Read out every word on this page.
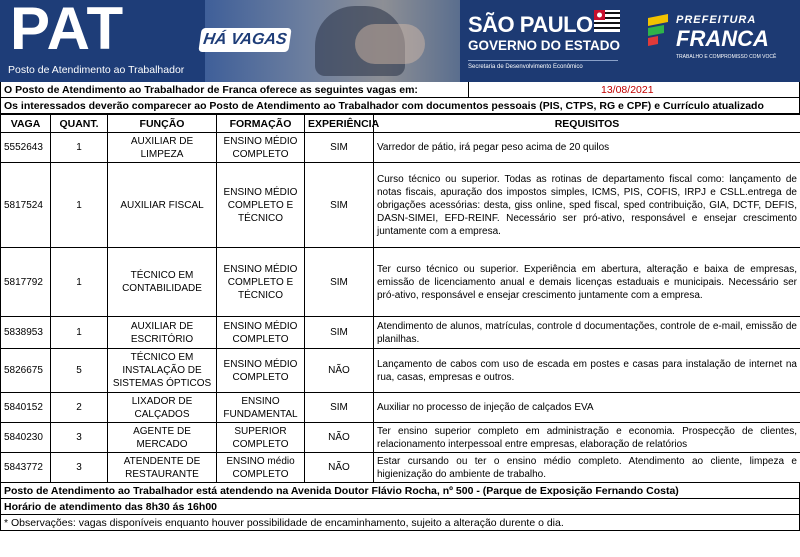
PAT
Posto de Atendimento ao Trabalhador
HÁ VAGAS
SÃO PAULO
GOVERNO DO ESTADO
Secretaria de Desenvolvimento Econômico
PREFEITURA
FRANCA
TRABALHO E COMPROMISSO COM VOCÊ
O Posto de Atendimento ao Trabalhador de Franca oferece as seguintes vagas em:	13/08/2021
Os interessados deverão comparecer ao Posto de Atendimento ao Trabalhador com documentos pessoais (PIS, CTPS, RG e CPF) e Currículo atualizado
VAGA	QUANT.	FUNÇÃO	FORMAÇÃO	EXPERIÊNCIA	REQUISITOS
5552643	1	AUXILIAR DE LIMPEZA	ENSINO MÉDIO COMPLETO	SIM	Varredor de pátio, irá pegar peso acima de 20 quilos
5817524	1	AUXILIAR FISCAL	ENSINO MÉDIO COMPLETO E TÉCNICO	SIM	Curso técnico ou superior. Todas as rotinas de departamento fiscal como: lançamento de notas fiscais, apuração dos impostos simples, ICMS, PIS, COFIS, IRPJ e CSLL.entrega de obrigações acessórias: desta, giss online, sped fiscal, sped contribuição, GIA, DCTF, DEFIS, DASN-SIMEI, EFD-REINF. Necessário ser pró-ativo, responsável e ensejar crescimento juntamente com a empresa.
5817792	1	TÉCNICO EM CONTABILIDADE	ENSINO MÉDIO COMPLETO E TÉCNICO	SIM	Ter curso técnico ou superior. Experiência em abertura, alteração e baixa de empresas, emissão de licenciamento anual e demais licenças estaduais e municipais. Necessário ser pró-ativo, responsável e ensejar crescimento juntamente com a empresa.
5838953	1	AUXILIAR DE ESCRITÓRIO	ENSINO MÉDIO COMPLETO	SIM	Atendimento de alunos, matrículas, controle d documentações, controle de e-mail, emissão de planilhas.
5826675	5	TÉCNICO EM INSTALAÇÃO DE SISTEMAS ÓPTICOS	ENSINO MÉDIO COMPLETO	NÃO	Lançamento de cabos com uso de escada em postes e casas para instalação de internet na rua, casas, empresas e outros.
5840152	2	LIXADOR DE CALÇADOS	ENSINO FUNDAMENTAL	SIM	Auxiliar no processo de injeção de calçados EVA
5840230	3	AGENTE DE MERCADO	SUPERIOR COMPLETO	NÃO	Ter ensino superior completo em administração e economia. Prospecção de clientes, relacionamento interpessoal entre empresas, elaboração de relatórios
5843772	3	ATENDENTE DE RESTAURANTE	ENSINO médio COMPLETO	NÃO	Estar cursando ou ter o ensino médio completo. Atendimento ao cliente, limpeza e higienização do ambiente de trabalho.
Posto de Atendimento ao Trabalhador está atendendo na Avenida Doutor Flávio Rocha, nº 500 - (Parque de Exposição Fernando Costa)
Horário de atendimento das 8h30 ás 16h00
* Observações: vagas disponíveis enquanto houver possibilidade de encaminhamento, sujeito a alteração durente o dia.
